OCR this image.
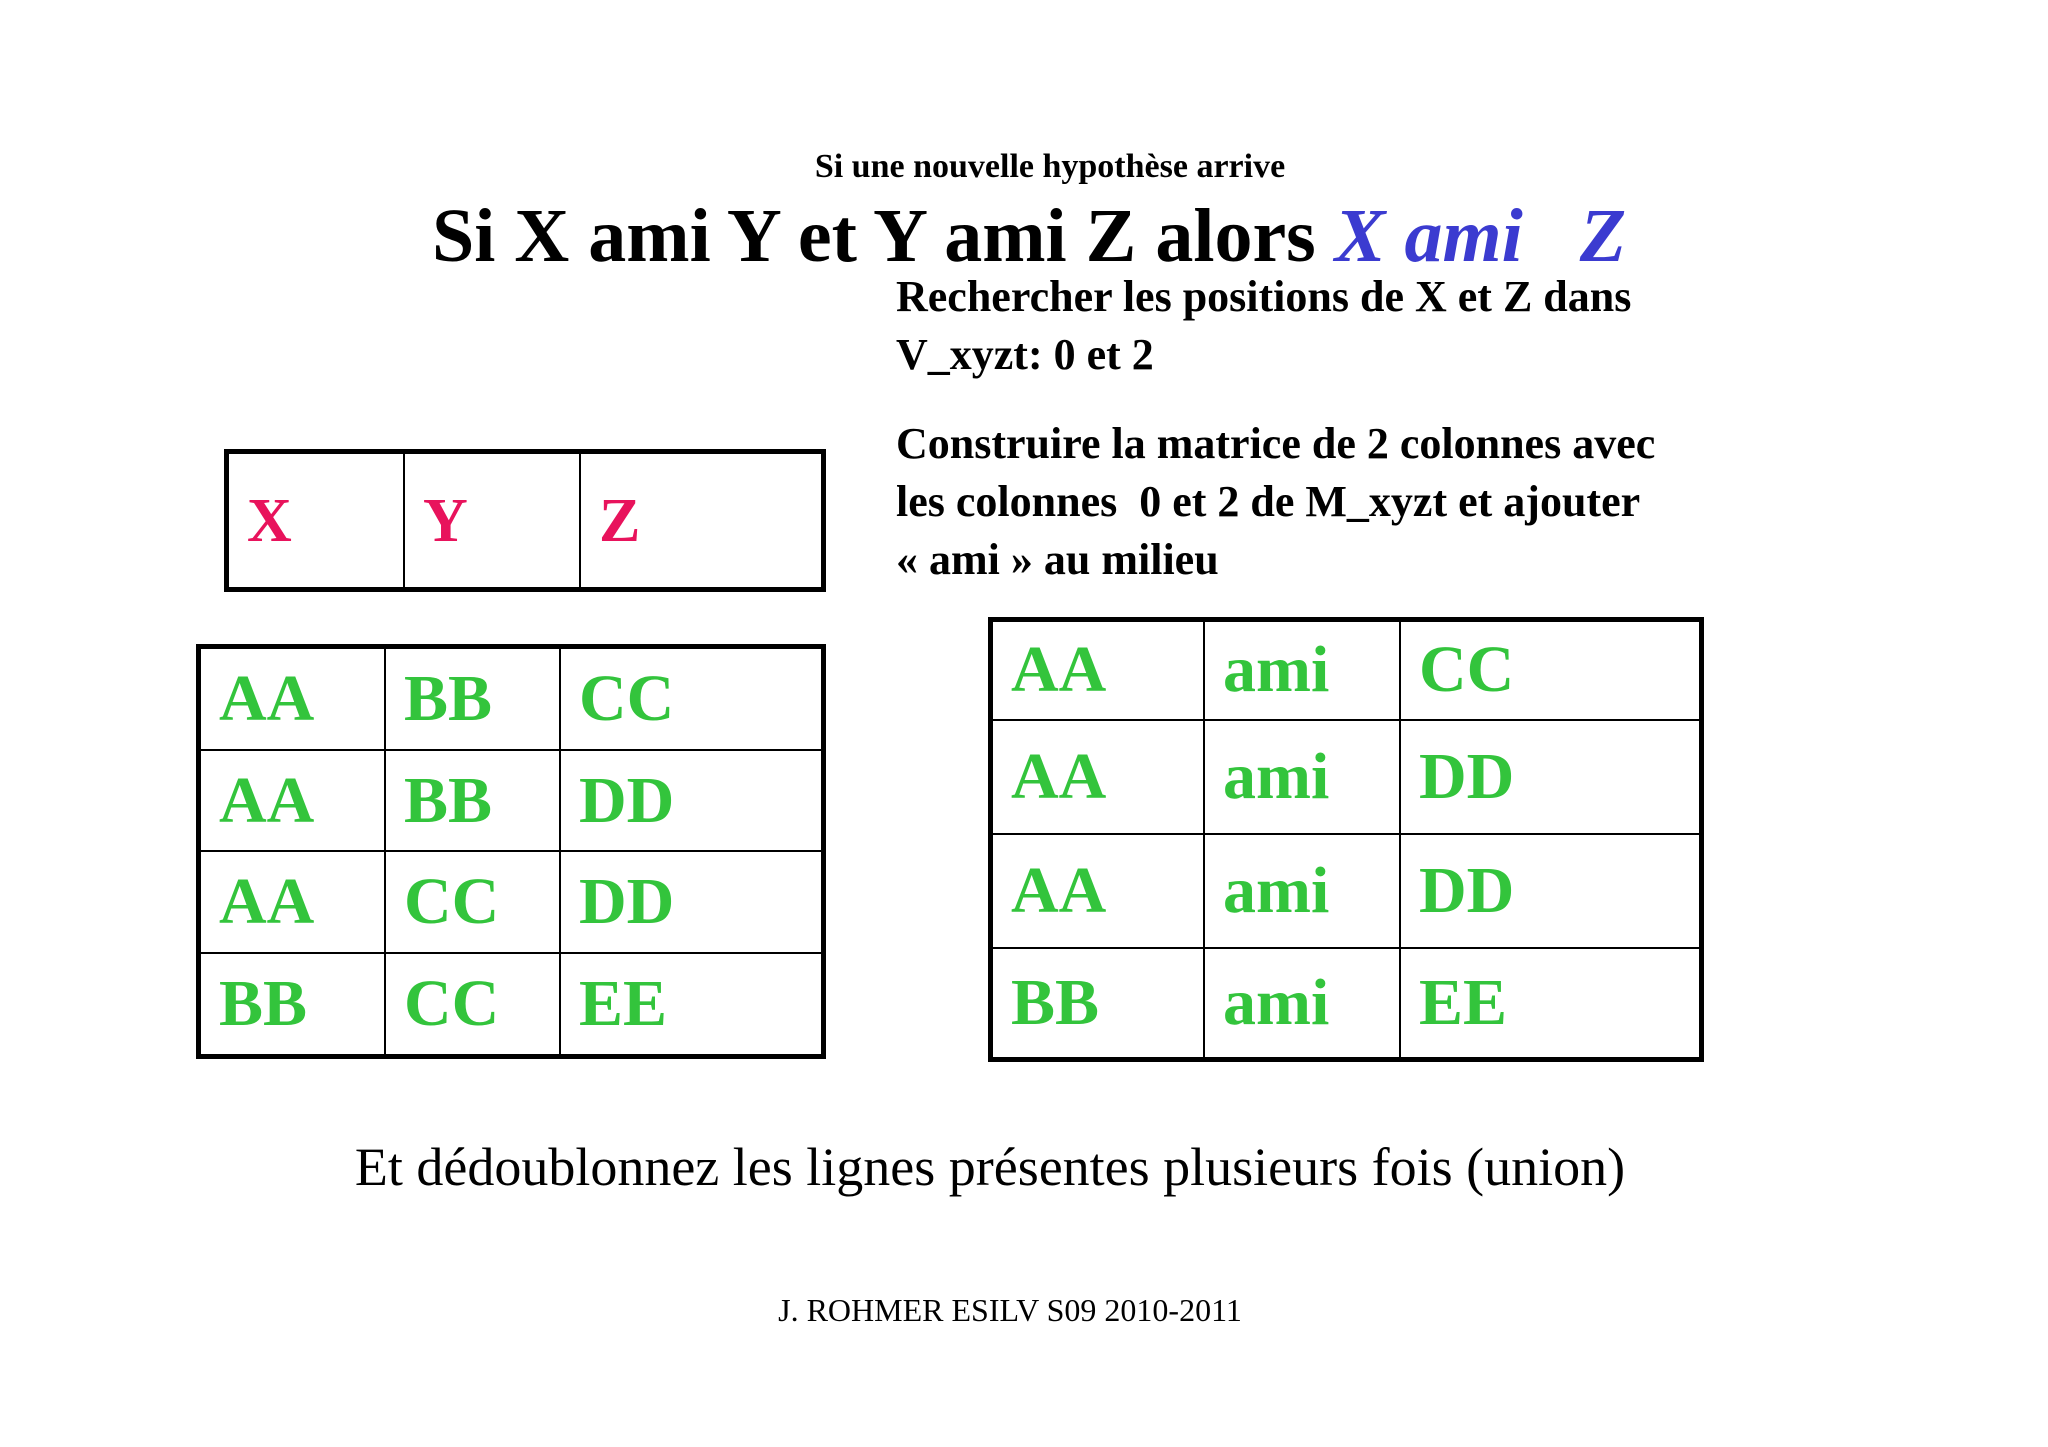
Si une nouvelle hypothèse arrive
Si X ami Y et Y ami Z alors X ami   Z
Rechercher les positions de X et Z dans
V_xyzt: 0 et 2
Construire la matrice de 2 colonnes avec
les colonnes  0 et 2 de M_xyzt et ajouter
« ami » au milieu
X	Y	Z
AA	BB	CC
AA	BB	DD
AA	CC	DD
BB	CC	EE
AA	ami	CC
AA	ami	DD
AA	ami	DD
BB	ami	EE
Et dédoublonnez les lignes présentes plusieurs fois (union)
J. ROHMER ESILV S09 2010-2011
